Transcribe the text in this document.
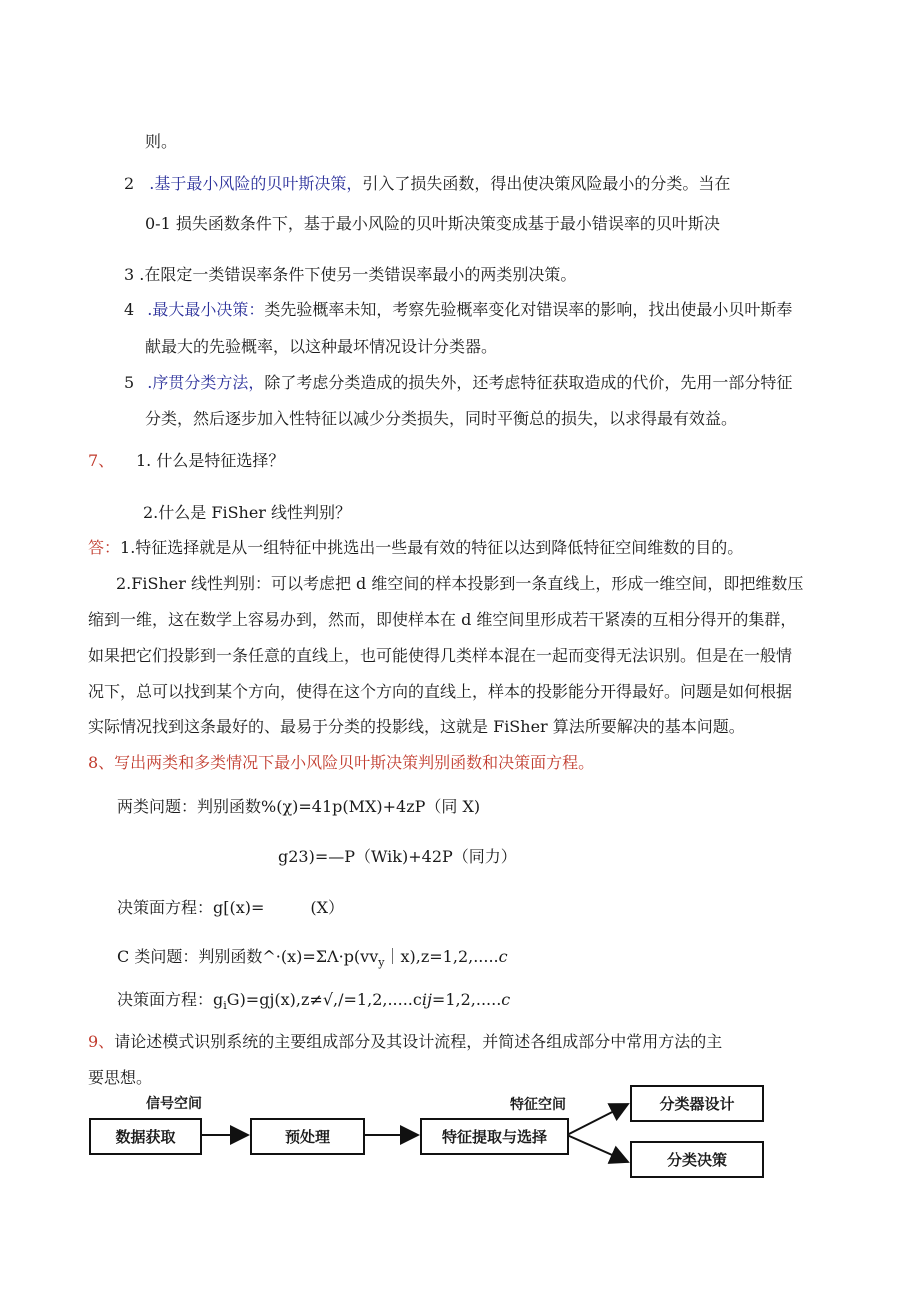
则。
2 .基于最小风险的贝叶斯决策，引入了损失函数，得出使决策风险最小的分类。当在
0-1 损失函数条件下，基于最小风险的贝叶斯决策变成基于最小错误率的贝叶斯决
3 .在限定一类错误率条件下使另一类错误率最小的两类别决策。
4 .最大最小决策：类先验概率未知，考察先验概率变化对错误率的影响，找出使最小贝叶斯奉
献最大的先验概率，以这种最坏情况设计分类器。
5 .序贯分类方法，除了考虑分类造成的损失外，还考虑特征获取造成的代价，先用一部分特征
分类，然后逐步加入性特征以减少分类损失，同时平衡总的损失，以求得最有效益。
7、 1. 什么是特征选择？
2.什么是 FiSher 线性判别？
答：1.特征选择就是从一组特征中挑选出一些最有效的特征以达到降低特征空间维数的目的。
2.FiSher 线性判别：可以考虑把 d 维空间的样本投影到一条直线上，形成一维空间，即把维数压
缩到一维，这在数学上容易办到，然而，即使样本在 d 维空间里形成若干紧凑的互相分得开的集群，
如果把它们投影到一条任意的直线上，也可能使得几类样本混在一起而变得无法识别。但是在一般情
况下，总可以找到某个方向，使得在这个方向的直线上，样本的投影能分开得最好。问题是如何根据
实际情况找到这条最好的、最易于分类的投影线，这就是 FiSher 算法所要解决的基本问题。
8、写出两类和多类情况下最小风险贝叶斯决策判别函数和决策面方程。
两类问题：判别函数%(χ)=41p(MX)+4zP（同 X)
g23)=—P（Wik)+42P（同力）
决策面方程：g[(x)=	(X）
C 类问题：判别函数$\^{}\cdot(x)=\Sigma\Lambda\cdot p(vv_y|x),z=1,2,.....c$
决策面方程：$g_iG)=gj(x),z\ne√,/=1,2,.....cij=1,2,.....c$
9、请论述模式识别系统的主要组成部分及其设计流程，并简述各组成部分中常用方法的主
要思想。
信号空间	特征空间
数据获取	预处理	特征提取与选择
分类器设计
分类决策
